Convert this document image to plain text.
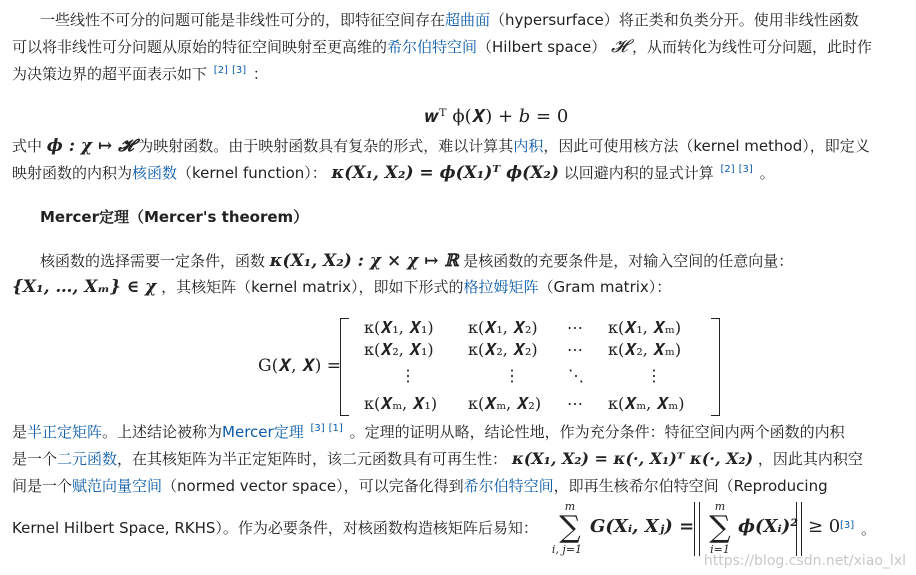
一些线性不可分的问题可能是非线性可分的，即特征空间存在超曲面（hypersurface）将正类和负类分开。使用非线性函数
可以将非线性可分问题从原始的特征空间映射至更高维的希尔伯特空间（Hilbert space） 𝓗 ，从而转化为线性可分问题，此时作
为决策边界的超平面表示如下 [2] [3] ：
𝒘ᵀ ϕ(𝑿) + 𝑏 = 0
式中 ϕ : χ ↦ 𝓗 为映射函数。由于映射函数具有复杂的形式，难以计算其内积，因此可使用核方法（kernel method），即定义
映射函数的内积为核函数（kernel function）： κ(𝑿₁, 𝑿₂) = ϕ(𝑿₁)ᵀ ϕ(𝑿₂) 以回避内积的显式计算 [2] [3] 。
Mercer定理（Mercer's theorem）
核函数的选择需要一定条件，函数 κ(𝑿₁, 𝑿₂) : χ × χ ↦ ℝ 是核函数的充要条件是，对输入空间的任意向量：
{𝑿₁, …, 𝑿ₘ} ∈ χ ，其核矩阵（kernel matrix），即如下形式的格拉姆矩阵（Gram matrix）：
G(𝑿, 𝑿) =
κ(𝑿₁, 𝑿₁) κ(𝑿₁, 𝑿₂) ⋯ κ(𝑿₁, 𝑿ₘ)
κ(𝑿₂, 𝑿₁) κ(𝑿₂, 𝑿₂) ⋯ κ(𝑿₂, 𝑿ₘ)
⋮	⋮	⋱	⋮
κ(𝑿ₘ, 𝑿₁) κ(𝑿ₘ, 𝑿₂) ⋯ κ(𝑿ₘ, 𝑿ₘ)
是半正定矩阵。上述结论被称为Mercer定理 [3] [1] 。定理的证明从略，结论性地，作为充分条件：特征空间内两个函数的内积
是一个二元函数，在其核矩阵为半正定矩阵时，该二元函数具有可再生性： κ(𝑿₁, 𝑿₂) = κ(·, 𝑿₁)ᵀ κ(·, 𝑿₂) ，因此其内积空
间是一个赋范向量空间（normed vector space），可以完备化得到希尔伯特空间，即再生核希尔伯特空间（Reproducing
Kernel Hilbert Space, RKHS）。作为必要条件，对核函数构造核矩阵后易知：
m
∑
i, j=1
G(𝑿ᵢ, 𝑿ⱼ) =
m
∑
i=1
ϕ(𝑿ᵢ)² ≥ 0 [3] 。
https://blog.csdn.net/xiao_lxl
